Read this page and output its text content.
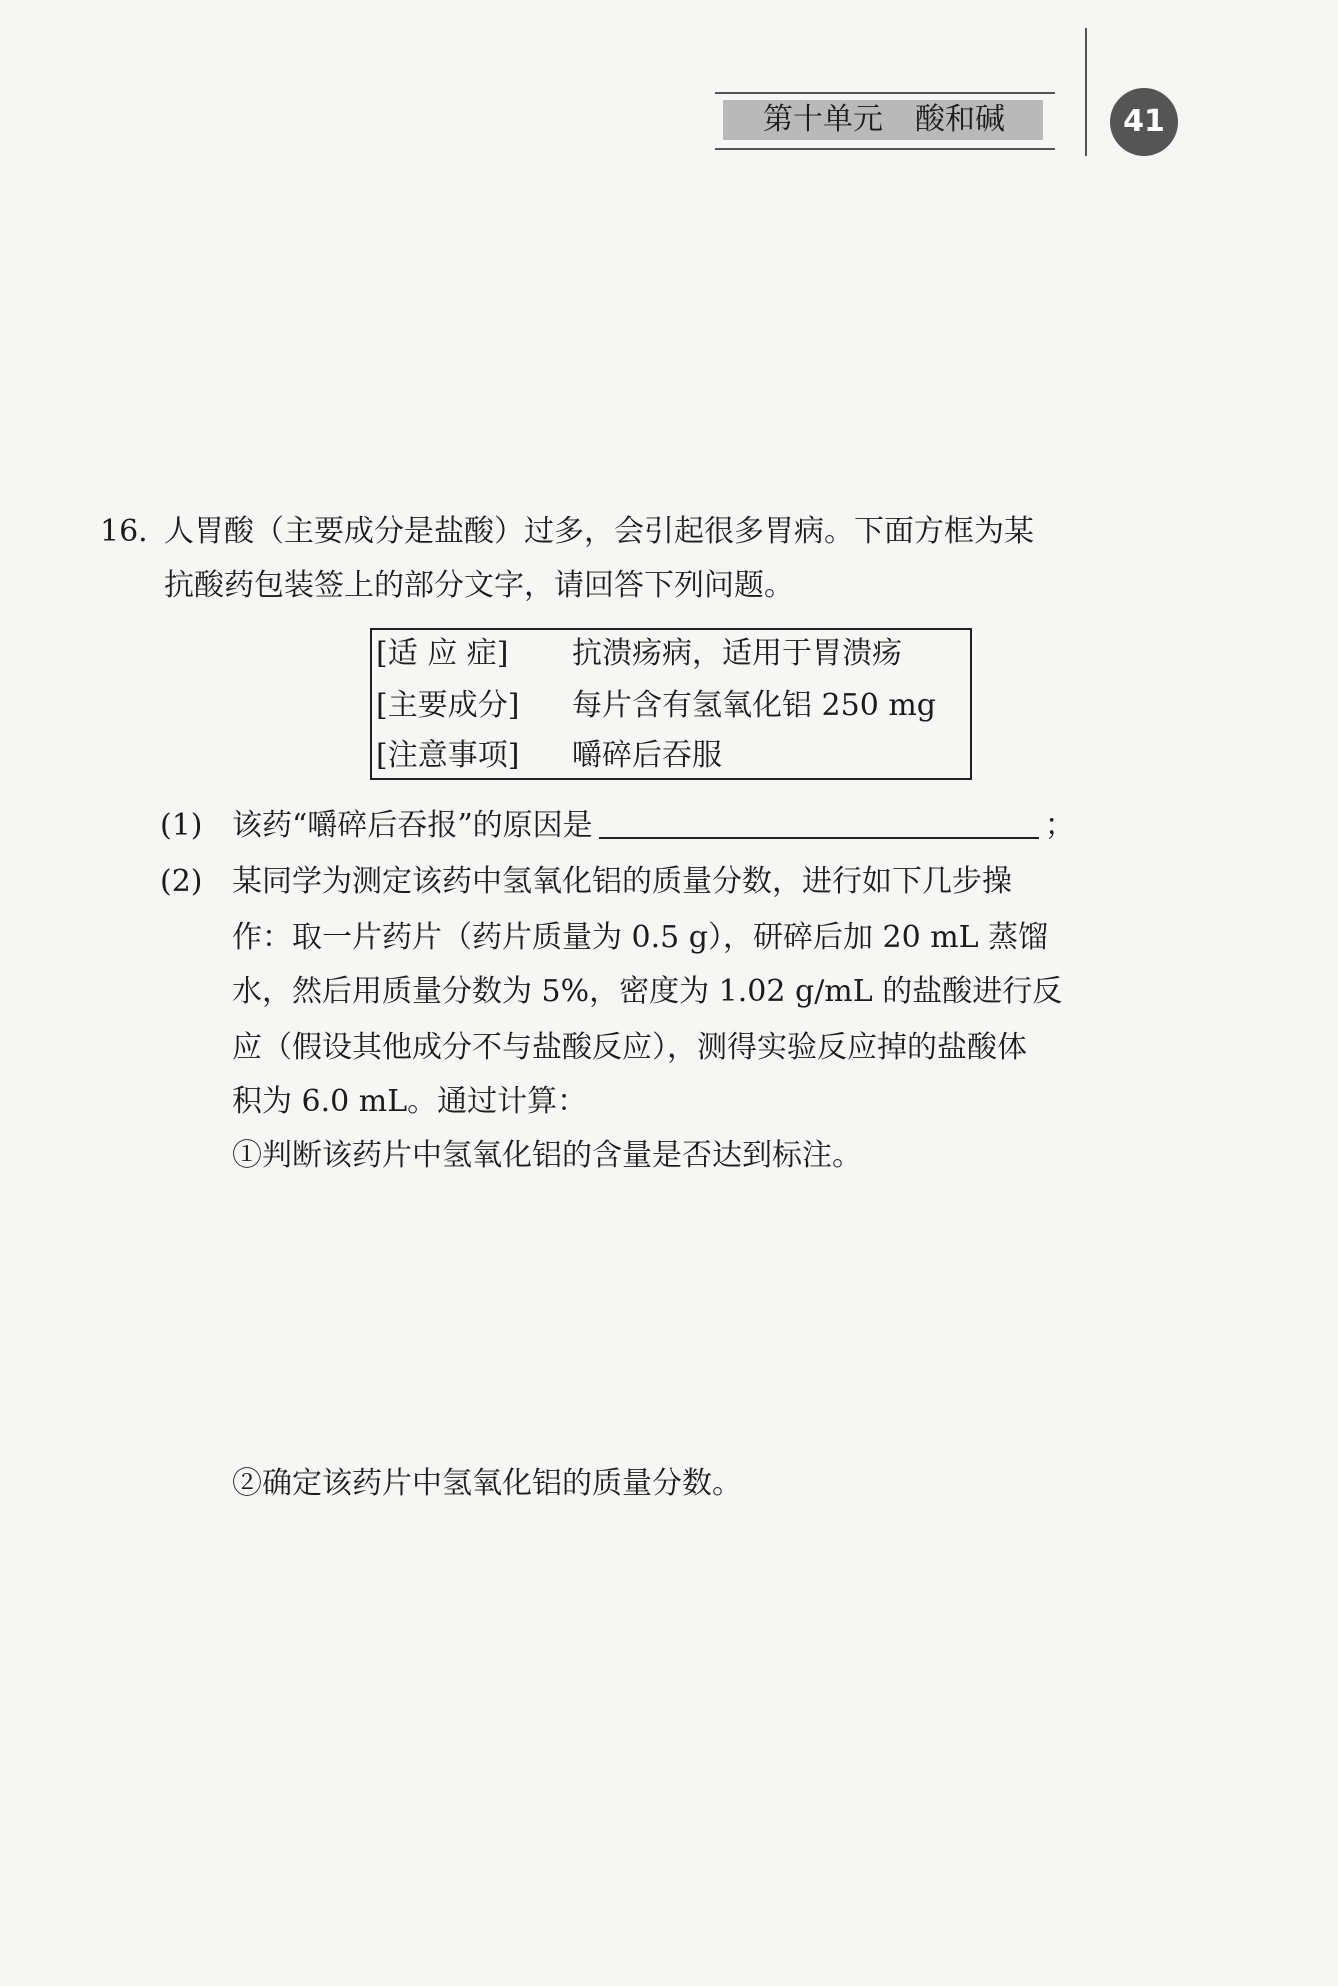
第十单元 酸和碱	41
16. 人胃酸（主要成分是盐酸）过多，会引起很多胃病。下面方框为某
抗酸药包装签上的部分文字，请回答下列问题。
[适 应 症] 抗溃疡病，适用于胃溃疡
[主要成分] 每片含有氢氧化铝 250 mg
[注意事项] 嚼碎后吞服
(1) 该药“嚼碎后吞报”的原因是	；
(2) 某同学为测定该药中氢氧化铝的质量分数，进行如下几步操
作：取一片药片（药片质量为 0.5 g），研碎后加 20 mL 蒸馏
水，然后用质量分数为 5%，密度为 1.02 g/mL 的盐酸进行反
应（假设其他成分不与盐酸反应），测得实验反应掉的盐酸体
积为 6.0 mL。通过计算：
①判断该药片中氢氧化铝的含量是否达到标注。
②确定该药片中氢氧化铝的质量分数。
